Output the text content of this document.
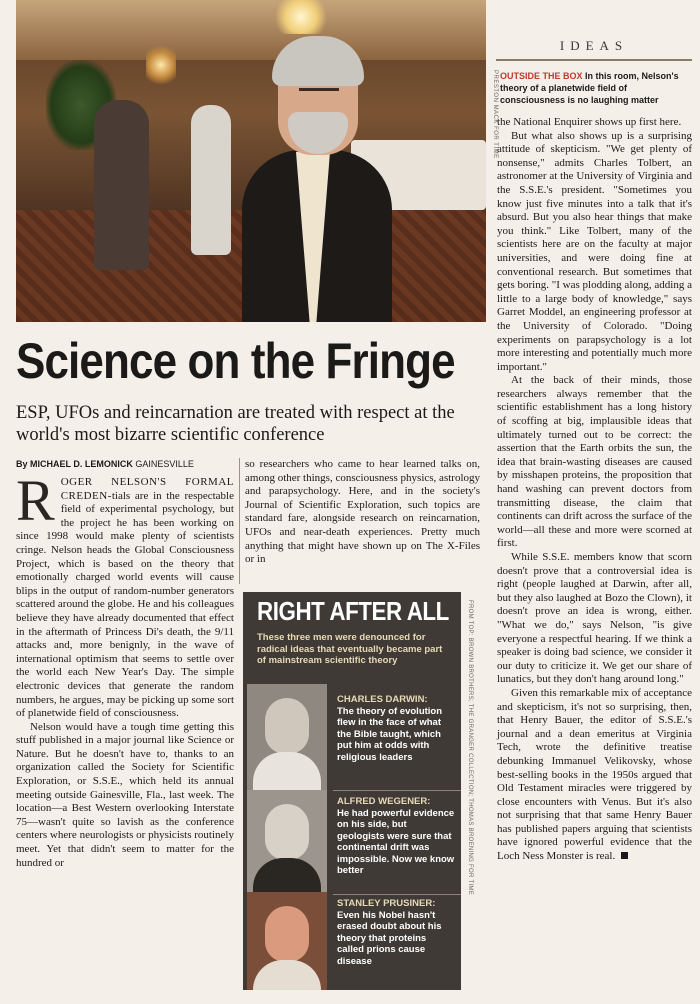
PRESTON MACK FOR TIME
IDEAS
OUTSIDE THE BOX In this room, Nelson's theory of a planetwide field of consciousness is no laughing matter

the National Enquirer shows up first here.

But what also shows up is a surprising attitude of skepticism. "We get plenty of nonsense," admits Charles Tolbert, an astronomer at the University of Virginia and the S.S.E.'s president. "Sometimes you know just five minutes into a talk that it's absurd. But you also hear things that make you think." Like Tolbert, many of the scientists here are on the faculty at major universities, and were doing fine at conventional research. But sometimes that gets boring. "I was plodding along, adding a little to a large body of knowledge," says Garret Moddel, an engineering professor at the University of Colorado. "Doing experiments on parapsychology is a lot more interesting and potentially much more important."

At the back of their minds, those researchers always remember that the scientific establishment has a long history of scoffing at big, implausible ideas that ultimately turned out to be correct: the assertion that the Earth orbits the sun, the idea that brain-wasting diseases are caused by misshapen proteins, the proposition that hand washing can prevent doctors from transmitting disease, the claim that continents can drift across the surface of the world—all these and more were scorned at first.

While S.S.E. members know that scorn doesn't prove that a controversial idea is right (people laughed at Darwin, after all, but they also laughed at Bozo the Clown), it doesn't prove an idea is wrong, either. "What we do," says Nelson, "is give everyone a respectful hearing. If we think a speaker is doing bad science, we consider it our duty to criticize it. We get our share of lunatics, but they don't hang around long."

Given this remarkable mix of acceptance and skepticism, it's not so surprising, then, that Henry Bauer, the editor of S.S.E.'s journal and a dean emeritus at Virginia Tech, wrote the definitive treatise debunking Immanuel Velikovsky, whose best-selling books in the 1950s argued that Old Testament miracles were triggered by close encounters with Venus. But it's also not surprising that that same Henry Bauer has published papers arguing that scientists have ignored powerful evidence that the Loch Ness Monster is real.

Science on the Fringe
ESP, UFOs and reincarnation are treated with respect at the world's most bizarre scientific conference
By MICHAEL D. LEMONICK GAINESVILLE

ROGER NELSON'S FORMAL CREDEN-tials are in the respectable field of experimental psychology, but the project he has been working on since 1998 would make plenty of scientists cringe. Nelson heads the Global Consciousness Project, which is based on the theory that emotionally charged world events will cause blips in the output of random-number generators scattered around the globe. He and his colleagues believe they have already documented that effect in the aftermath of Princess Di's death, the 9/11 attacks and, more benignly, in the wave of international optimism that seems to settle over the world each New Year's Day. The simple electronic devices that generate the random numbers, he argues, may be picking up some sort of planetwide field of consciousness.

Nelson would have a tough time getting this stuff published in a major journal like Science or Nature. But he doesn't have to, thanks to an organization called the Society for Scientific Exploration, or S.S.E., which held its annual meeting outside Gainesville, Fla., last week. The location—a Best Western overlooking Interstate 75—wasn't quite so lavish as the conference centers where neurologists or physicists routinely meet. Yet that didn't seem to matter for the hundred or

so researchers who came to hear learned talks on, among other things, consciousness physics, astrology and parapsychology. Here, and in the society's Journal of Scientific Exploration, such topics are standard fare, alongside research on reincarnation, UFOs and near-death experiences. Pretty much anything that might have shown up on The X-Files or in

RIGHT AFTER ALL
These three men were denounced for radical ideas that eventually became part of mainstream scientific theory
CHARLES DARWIN:
The theory of evolution flew in the face of what the Bible taught, which put him at odds with religious leaders
ALFRED WEGENER:
He had powerful evidence on his side, but geologists were sure that continental drift was impossible. Now we know better
STANLEY PRUSINER:
Even his Nobel hasn't erased doubt about his theory that proteins called prions cause disease
FROM TOP: BROWN BROTHERS; THE GRANGER COLLECTION; THOMAS BROENING FOR TIME
